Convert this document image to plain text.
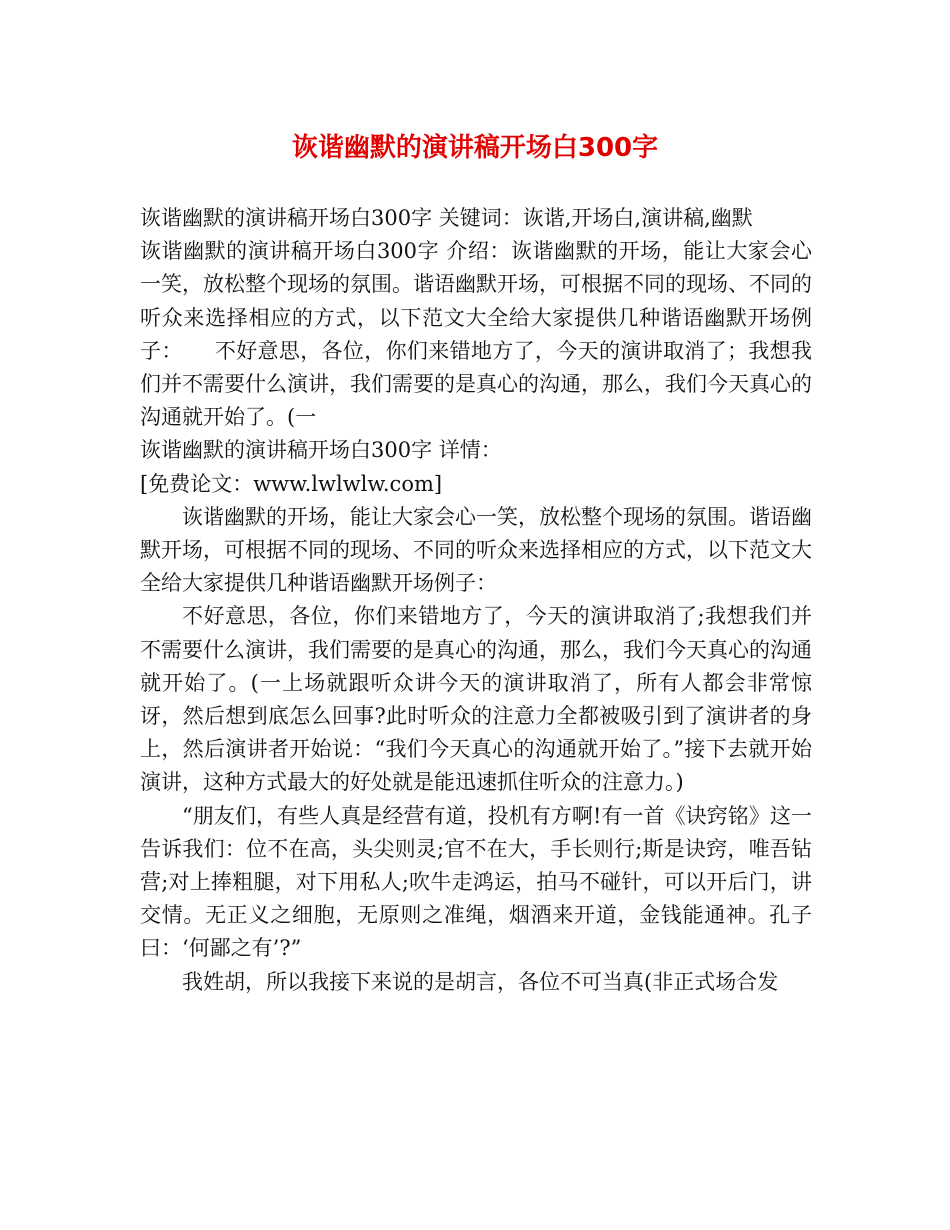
诙谐幽默的演讲稿开场白300字

诙谐幽默的演讲稿开场白300字 关键词：诙谐,开场白,演讲稿,幽默

诙谐幽默的演讲稿开场白300字 介绍：诙谐幽默的开场，能让大家会心一笑，放松整个现场的氛围。谐语幽默开场，可根据不同的现场、不同的听众来选择相应的方式，以下范文大全给大家提供几种谐语幽默开场例子：　　不好意思，各位，你们来错地方了，今天的演讲取消了；我想我们并不需要什么演讲，我们需要的是真心的沟通，那么，我们今天真心的沟通就开始了。(一

诙谐幽默的演讲稿开场白300字 详情：

[免费论文：www.lwlwlw.com]

诙谐幽默的开场，能让大家会心一笑，放松整个现场的氛围。谐语幽默开场，可根据不同的现场、不同的听众来选择相应的方式，以下范文大全给大家提供几种谐语幽默开场例子：

不好意思，各位，你们来错地方了，今天的演讲取消了;我想我们并不需要什么演讲，我们需要的是真心的沟通，那么，我们今天真心的沟通就开始了。(一上场就跟听众讲今天的演讲取消了，所有人都会非常惊讶，然后想到底怎么回事?此时听众的注意力全都被吸引到了演讲者的身上，然后演讲者开始说：“我们今天真心的沟通就开始了。”接下去就开始演讲，这种方式最大的好处就是能迅速抓住听众的注意力。)

“朋友们，有些人真是经营有道，投机有方啊!有一首《诀窍铭》这一告诉我们：位不在高，头尖则灵;官不在大，手长则行;斯是诀窍，唯吾钻营;对上捧粗腿，对下用私人;吹牛走鸿运，拍马不碰针，可以开后门，讲交情。无正义之细胞，无原则之准绳，烟酒来开道，金钱能通神。孔子曰：‘何鄙之有’?”

我姓胡，所以我接下来说的是胡言，各位不可当真(非正式场合发
